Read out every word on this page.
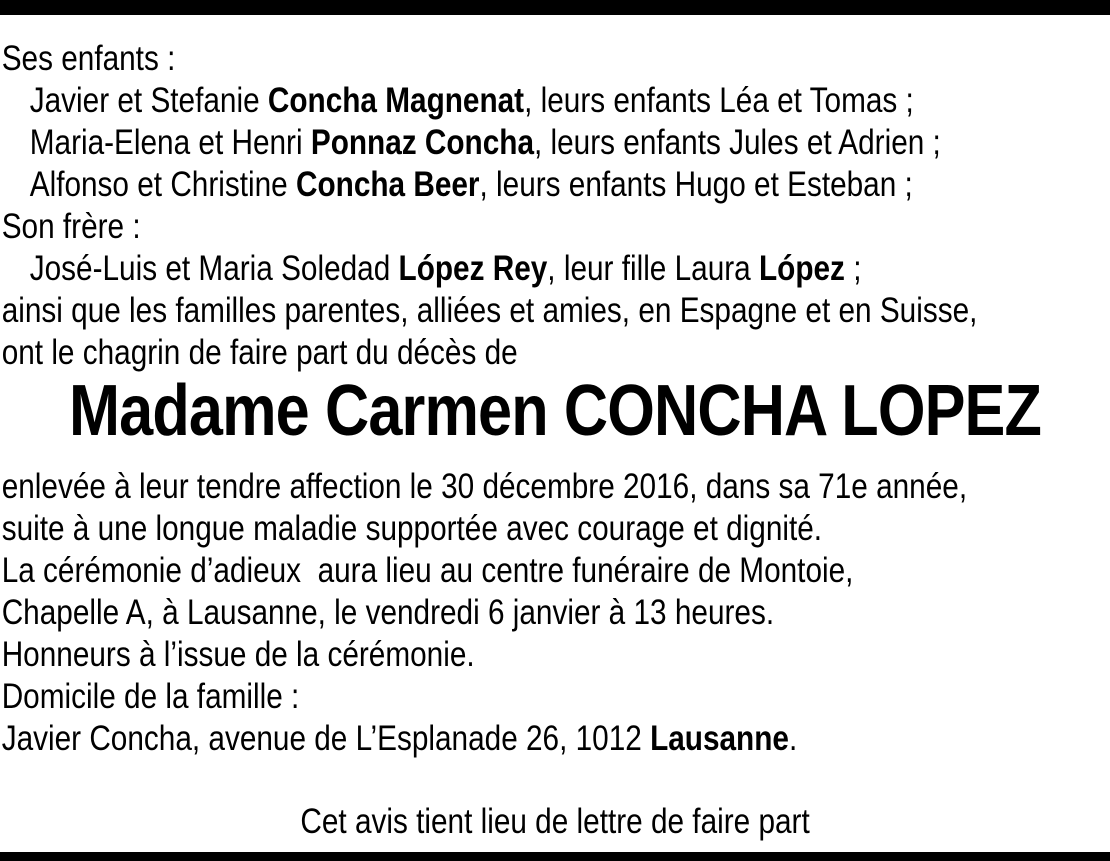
Ses enfants :
Javier et Stefanie Concha Magnenat, leurs enfants Léa et Tomas ;
Maria-Elena et Henri Ponnaz Concha, leurs enfants Jules et Adrien ;
Alfonso et Christine Concha Beer, leurs enfants Hugo et Esteban ;
Son frère :
José-Luis et Maria Soledad López Rey, leur fille Laura López ;
ainsi que les familles parentes, alliées et amies, en Espagne et en Suisse,
ont le chagrin de faire part du décès de
Madame Carmen CONCHA LOPEZ
enlevée à leur tendre affection le 30 décembre 2016, dans sa 71e année,
suite à une longue maladie supportée avec courage et dignité.
La cérémonie d’adieux  aura lieu au centre funéraire de Montoie,
Chapelle A, à Lausanne, le vendredi 6 janvier à 13 heures.
Honneurs à l’issue de la cérémonie.
Domicile de la famille :
Javier Concha, avenue de L’Esplanade 26, 1012 Lausanne.
Cet avis tient lieu de lettre de faire part
